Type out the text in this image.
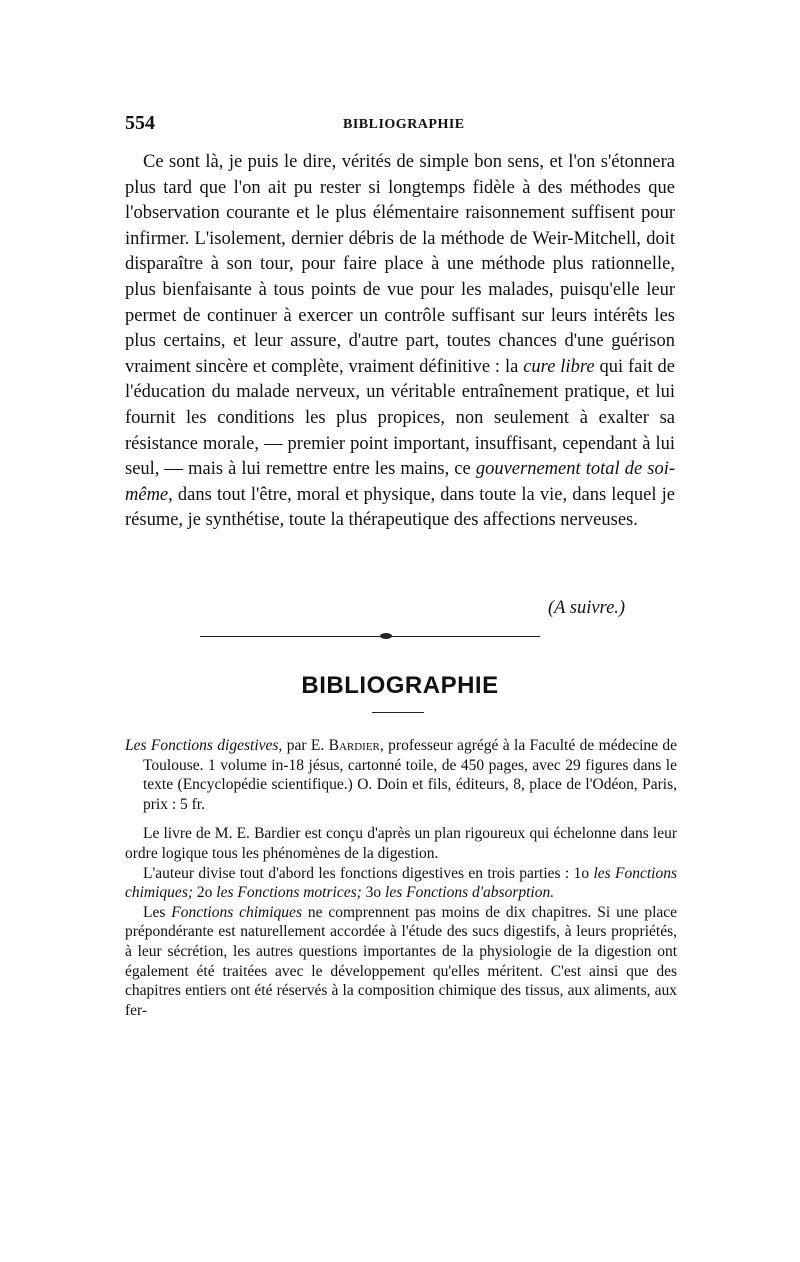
554	BIBLIOGRAPHIE

Ce sont là, je puis le dire, vérités de simple bon sens, et l'on s'étonnera plus tard que l'on ait pu rester si longtemps fidèle à des méthodes que l'observation courante et le plus élémentaire raisonnement suffisent pour infirmer. L'isolement, dernier débris de la méthode de Weir-Mitchell, doit disparaître à son tour, pour faire place à une méthode plus rationnelle, plus bienfaisante à tous points de vue pour les malades, puisqu'elle leur permet de continuer à exercer un contrôle suffisant sur leurs intérêts les plus certains, et leur assure, d'autre part, toutes chances d'une guérison vraiment sincère et complète, vraiment définitive : la cure libre qui fait de l'éducation du malade nerveux, un véritable entraînement pratique, et lui fournit les conditions les plus propices, non seulement à exalter sa résistance morale, — premier point important, insuffisant, cependant à lui seul, — mais à lui remettre entre les mains, ce gouvernement total de soi-même, dans tout l'être, moral et physique, dans toute la vie, dans lequel je résume, je synthétise, toute la thérapeutique des affections nerveuses.

(A suivre.)
BIBLIOGRAPHIE

Les Fonctions digestives, par E. Bardier, professeur agrégé à la Faculté de médecine de Toulouse. 1 volume in-18 jésus, cartonné toile, de 450 pages, avec 29 figures dans le texte (Encyclopédie scientifique.) O. Doin et fils, éditeurs, 8, place de l'Odéon, Paris, prix : 5 fr.

Le livre de M. E. Bardier est conçu d'après un plan rigoureux qui échelonne dans leur ordre logique tous les phénomènes de la digestion.

L'auteur divise tout d'abord les fonctions digestives en trois parties : 1o les Fonctions chimiques; 2o les Fonctions motrices; 3o les Fonctions d'absorption.

Les Fonctions chimiques ne comprennent pas moins de dix chapitres. Si une place prépondérante est naturellement accordée à l'étude des sucs digestifs, à leurs propriétés, à leur sécrétion, les autres questions importantes de la physiologie de la digestion ont également été traitées avec le développement qu'elles méritent. C'est ainsi que des chapitres entiers ont été réservés à la composition chimique des tissus, aux aliments, aux fer-
